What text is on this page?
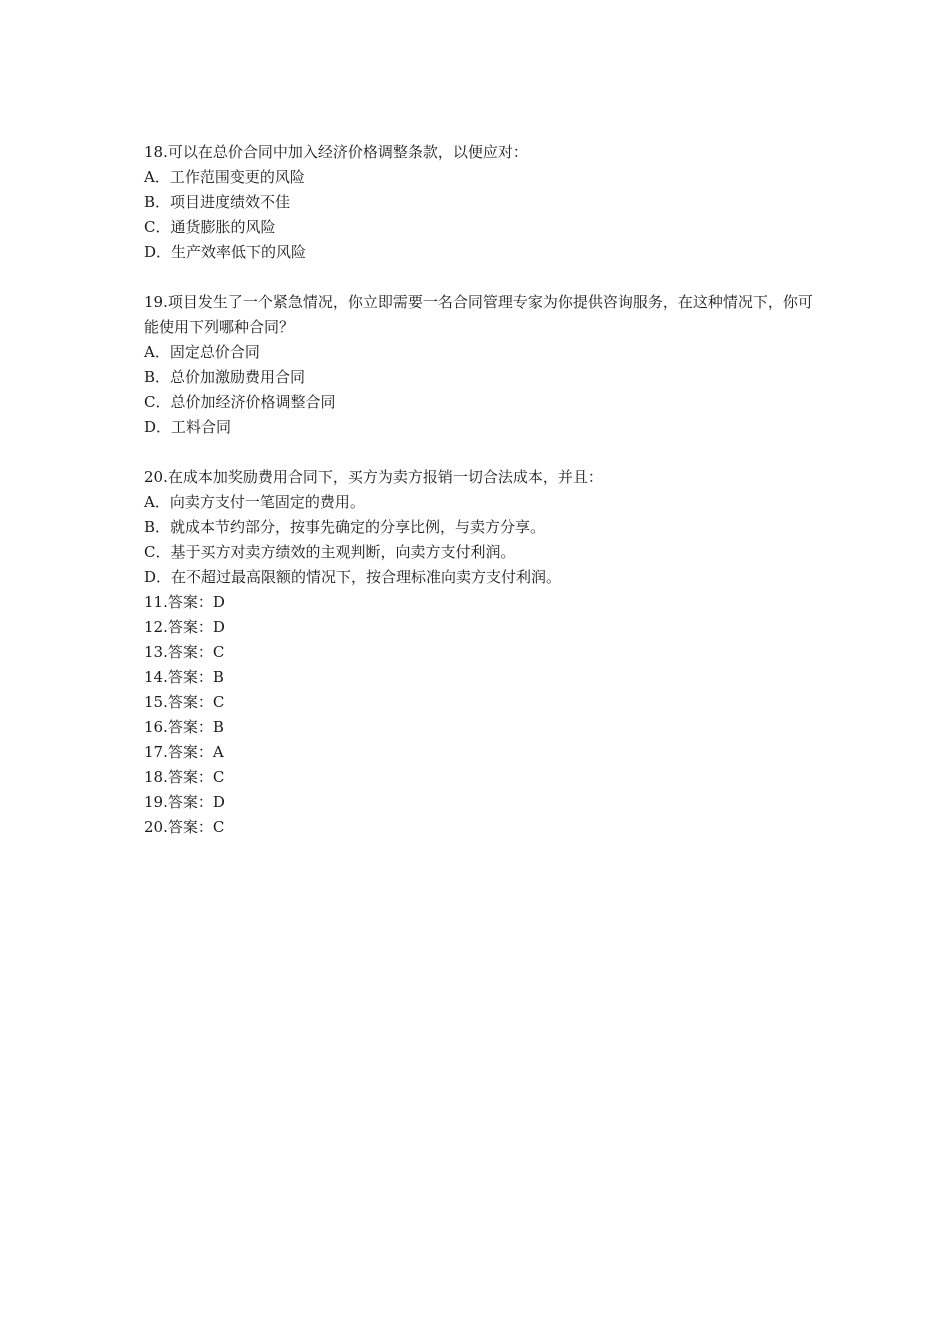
18.可以在总价合同中加入经济价格调整条款，以便应对：

A．工作范围变更的风险

B．项目进度绩效不佳

C．通货膨胀的风险

D．生产效率低下的风险

19.项目发生了一个紧急情况，你立即需要一名合同管理专家为你提供咨询服务，在这种情况下，你可能使用下列哪种合同？

A．固定总价合同

B．总价加激励费用合同

C．总价加经济价格调整合同

D．工料合同

20.在成本加奖励费用合同下，买方为卖方报销一切合法成本，并且：

A．向卖方支付一笔固定的费用。

B．就成本节约部分，按事先确定的分享比例，与卖方分享。

C．基于买方对卖方绩效的主观判断，向卖方支付利润。

D．在不超过最高限额的情况下，按合理标准向卖方支付利润。

11.答案：D

12.答案：D

13.答案：C

14.答案：B

15.答案：C

16.答案：B

17.答案：A

18.答案：C

19.答案：D

20.答案：C
